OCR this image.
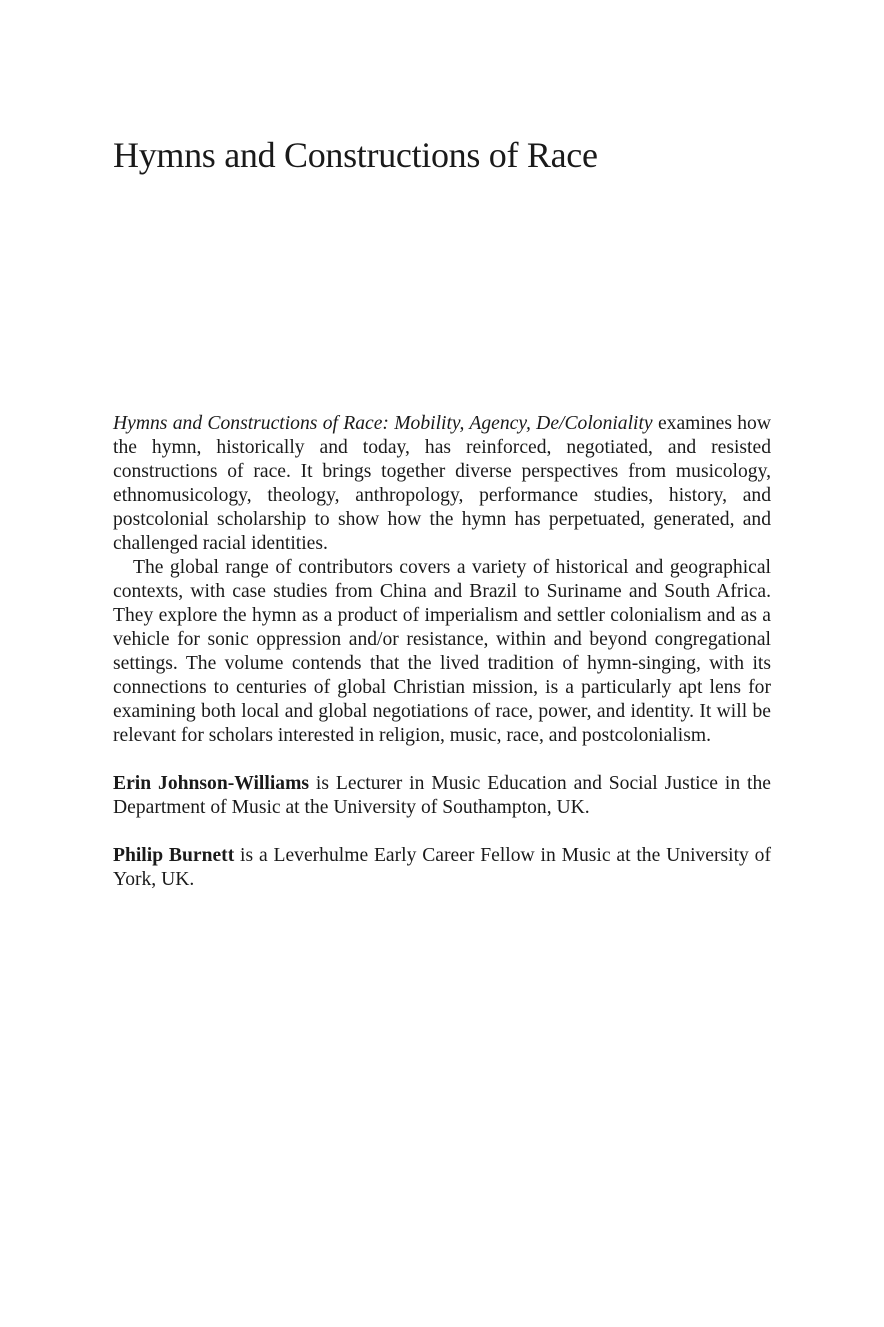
Hymns and Constructions of Race

Hymns and Constructions of Race: Mobility, Agency, De/Coloniality examines how the hymn, historically and today, has reinforced, negotiated, and resisted constructions of race. It brings together diverse perspectives from musicology, ethnomusicology, theology, anthropology, performance studies, history, and postcolonial scholarship to show how the hymn has perpetuated, generated, and challenged racial identities.

The global range of contributors covers a variety of historical and geographical contexts, with case studies from China and Brazil to Suriname and South Africa. They explore the hymn as a product of imperialism and settler colonialism and as a vehicle for sonic oppression and/or resistance, within and beyond congregational settings. The volume contends that the lived tradition of hymn-singing, with its connections to centuries of global Christian mission, is a particularly apt lens for examining both local and global negotiations of race, power, and identity. It will be relevant for scholars interested in religion, music, race, and postcolonialism.

Erin Johnson-Williams is Lecturer in Music Education and Social Justice in the Department of Music at the University of Southampton, UK.

Philip Burnett is a Leverhulme Early Career Fellow in Music at the University of York, UK.
